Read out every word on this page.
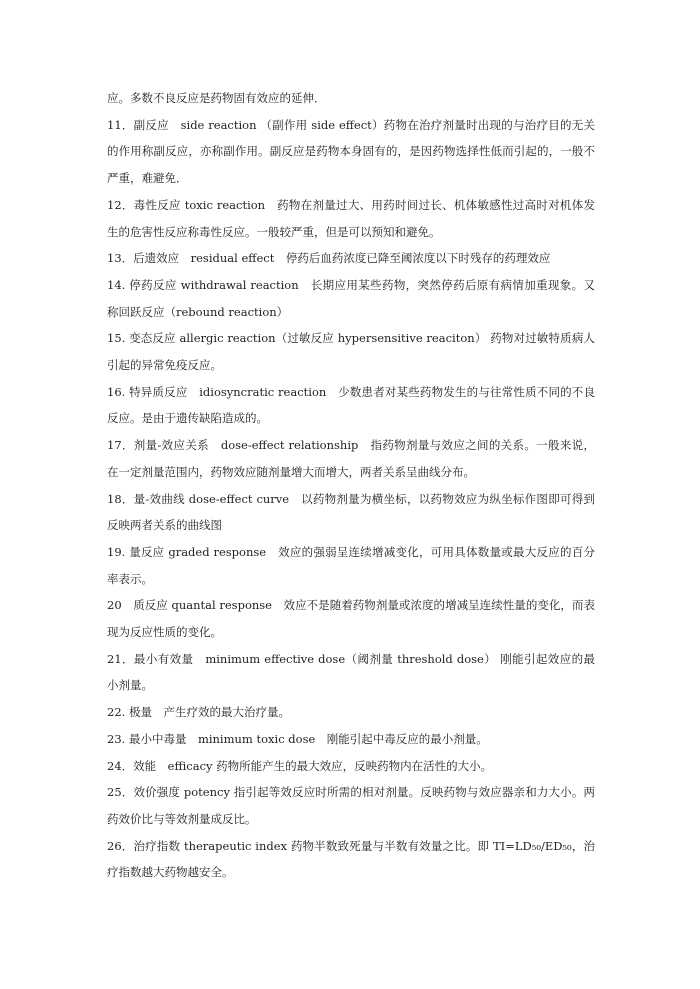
应。多数不良反应是药物固有效应的延伸．

11．副反应　side reaction （副作用 side effect）药物在治疗剂量时出现的与治疗目的无关的作用称副反应，亦称副作用。副反应是药物本身固有的，是因药物选择性低而引起的，一般不严重，难避免．

12．毒性反应 toxic reaction　药物在剂量过大、用药时间过长、机体敏感性过高时对机体发生的危害性反应称毒性反应。一般较严重，但是可以预知和避免。

13．后遗效应　residual effect　停药后血药浓度已降至阈浓度以下时残存的药理效应

14. 停药反应 withdrawal reaction　长期应用某些药物，突然停药后原有病情加重现象。又称回跃反应（rebound reaction）

15. 变态反应 allergic reaction（过敏反应 hypersensitive reaciton） 药物对过敏特质病人引起的异常免疫反应。

16. 特异质反应　idiosyncratic reaction　少数患者对某些药物发生的与往常性质不同的不良反应。是由于遗传缺陷造成的。

17．剂量-效应关系　dose-effect relationship　指药物剂量与效应之间的关系。一般来说，在一定剂量范围内，药物效应随剂量增大而增大，两者关系呈曲线分布。

18．量-效曲线 dose-effect curve　以药物剂量为横坐标，以药物效应为纵坐标作图即可得到反映两者关系的曲线图

19. 量反应 graded response　效应的强弱呈连续增减变化，可用具体数量或最大反应的百分率表示。

20　质反应 quantal response　效应不是随着药物剂量或浓度的增减呈连续性量的变化，而表现为反应性质的变化。

21．最小有效量　minimum effective dose（阈剂量 threshold dose） 刚能引起效应的最小剂量。

22. 极量　产生疗效的最大治疗量。

23. 最小中毒量　minimum toxic dose　刚能引起中毒反应的最小剂量。

24．效能　efficacy 药物所能产生的最大效应，反映药物内在活性的大小。

25．效价强度 potency 指引起等效反应时所需的相对剂量。反映药物与效应器亲和力大小。两药效价比与等效剂量成反比。

26．治疗指数 therapeutic index 药物半数致死量与半数有效量之比。即 TI=LD₅₀/ED₅₀，治疗指数越大药物越安全。
